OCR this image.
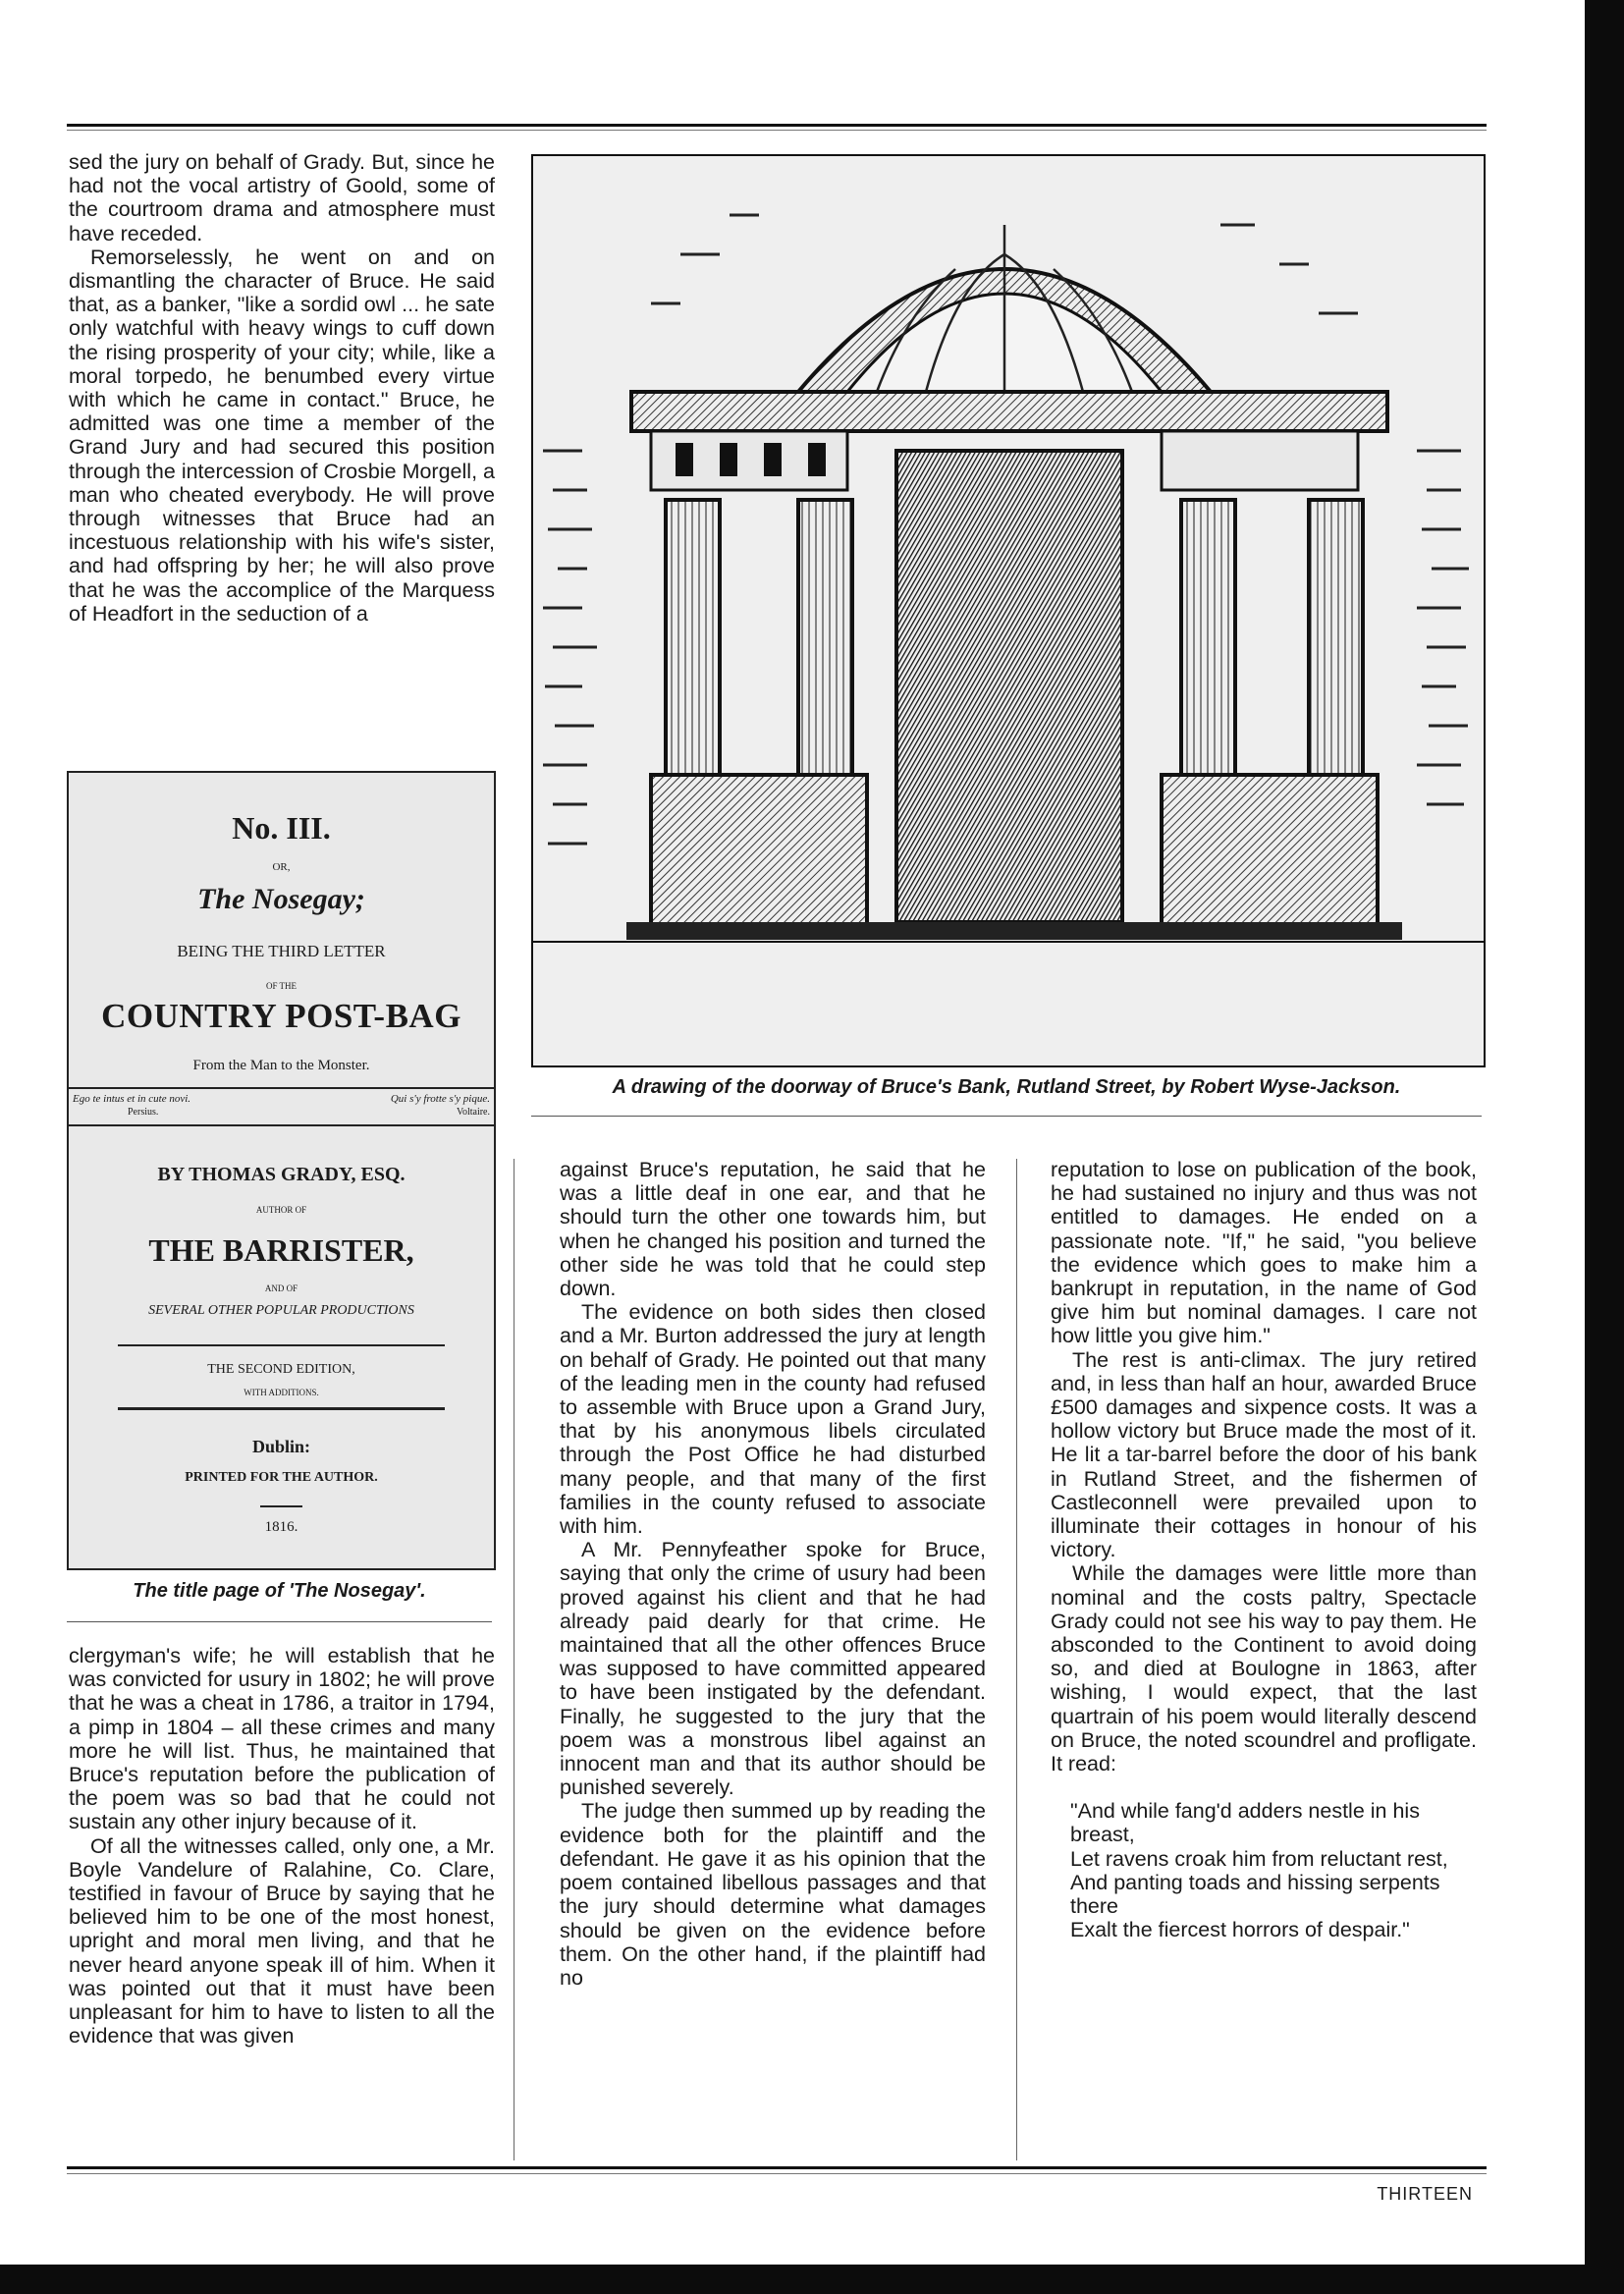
sed the jury on behalf of Grady. But, since he had not the vocal artistry of Goold, some of the courtroom drama and atmosphere must have receded.

Remorselessly, he went on and on dismantling the character of Bruce. He said that, as a banker, "like a sordid owl ... he sate only watchful with heavy wings to cuff down the rising prosperity of your city; while, like a moral torpedo, he benumbed every virtue with which he came in contact." Bruce, he admitted was one time a member of the Grand Jury and had secured this position through the intercession of Crosbie Morgell, a man who cheated everybody. He will prove through witnesses that Bruce had an incestuous relationship with his wife's sister, and had offspring by her; he will also prove that he was the accomplice of the Marquess of Headfort in the seduction of a

A drawing of the doorway of Bruce's Bank, Rutland Street, by Robert Wyse-Jackson.
No. III.
OR,
The Nosegay;
BEING THE THIRD LETTER
OF THE
COUNTRY POST-BAG
From the Man to the Monster.
Ego te intus et in cute novi.
Persius.
Qui s'y frotte s'y pique.
Voltaire.
BY THOMAS GRADY, ESQ.
AUTHOR OF
THE BARRISTER,
AND OF
SEVERAL OTHER POPULAR PRODUCTIONS
THE SECOND EDITION,
WITH ADDITIONS.
Dublin:
PRINTED FOR THE AUTHOR.
1816.
The title page of 'The Nosegay'.

clergyman's wife; he will establish that he was convicted for usury in 1802; he will prove that he was a cheat in 1786, a traitor in 1794, a pimp in 1804 – all these crimes and many more he will list. Thus, he maintained that Bruce's reputation before the publication of the poem was so bad that he could not sustain any other injury because of it.

Of all the witnesses called, only one, a Mr. Boyle Vandelure of Ralahine, Co. Clare, testified in favour of Bruce by saying that he believed him to be one of the most honest, upright and moral men living, and that he never heard anyone speak ill of him. When it was pointed out that it must have been unpleasant for him to have to listen to all the evidence that was given

against Bruce's reputation, he said that he was a little deaf in one ear, and that he should turn the other one towards him, but when he changed his position and turned the other side he was told that he could step down.

The evidence on both sides then closed and a Mr. Burton addressed the jury at length on behalf of Grady. He pointed out that many of the leading men in the county had refused to assemble with Bruce upon a Grand Jury, that by his anonymous libels circulated through the Post Office he had disturbed many people, and that many of the first families in the county refused to associate with him.

A Mr. Pennyfeather spoke for Bruce, saying that only the crime of usury had been proved against his client and that he had already paid dearly for that crime. He maintained that all the other offences Bruce was supposed to have committed appeared to have been instigated by the defendant. Finally, he suggested to the jury that the poem was a monstrous libel against an innocent man and that its author should be punished severely.

The judge then summed up by reading the evidence both for the plaintiff and the defendant. He gave it as his opinion that the poem contained libellous passages and that the jury should determine what damages should be given on the evidence before them. On the other hand, if the plaintiff had no

reputation to lose on publication of the book, he had sustained no injury and thus was not entitled to damages. He ended on a passionate note. "If," he said, "you believe the evidence which goes to make him a bankrupt in reputation, in the name of God give him but nominal damages. I care not how little you give him."

The rest is anti-climax. The jury retired and, in less than half an hour, awarded Bruce £500 damages and sixpence costs. It was a hollow victory but Bruce made the most of it. He lit a tar-barrel before the door of his bank in Rutland Street, and the fishermen of Castleconnell were prevailed upon to illuminate their cottages in honour of his victory.

While the damages were little more than nominal and the costs paltry, Spectacle Grady could not see his way to pay them. He absconded to the Continent to avoid doing so, and died at Boulogne in 1863, after wishing, I would expect, that the last quartrain of his poem would literally descend on Bruce, the noted scoundrel and profligate. It read:

"And while fang'd adders nestle in his breast,
Let ravens croak him from reluctant rest,
And panting toads and hissing serpents there
Exalt the fiercest horrors of despair."
THIRTEEN
